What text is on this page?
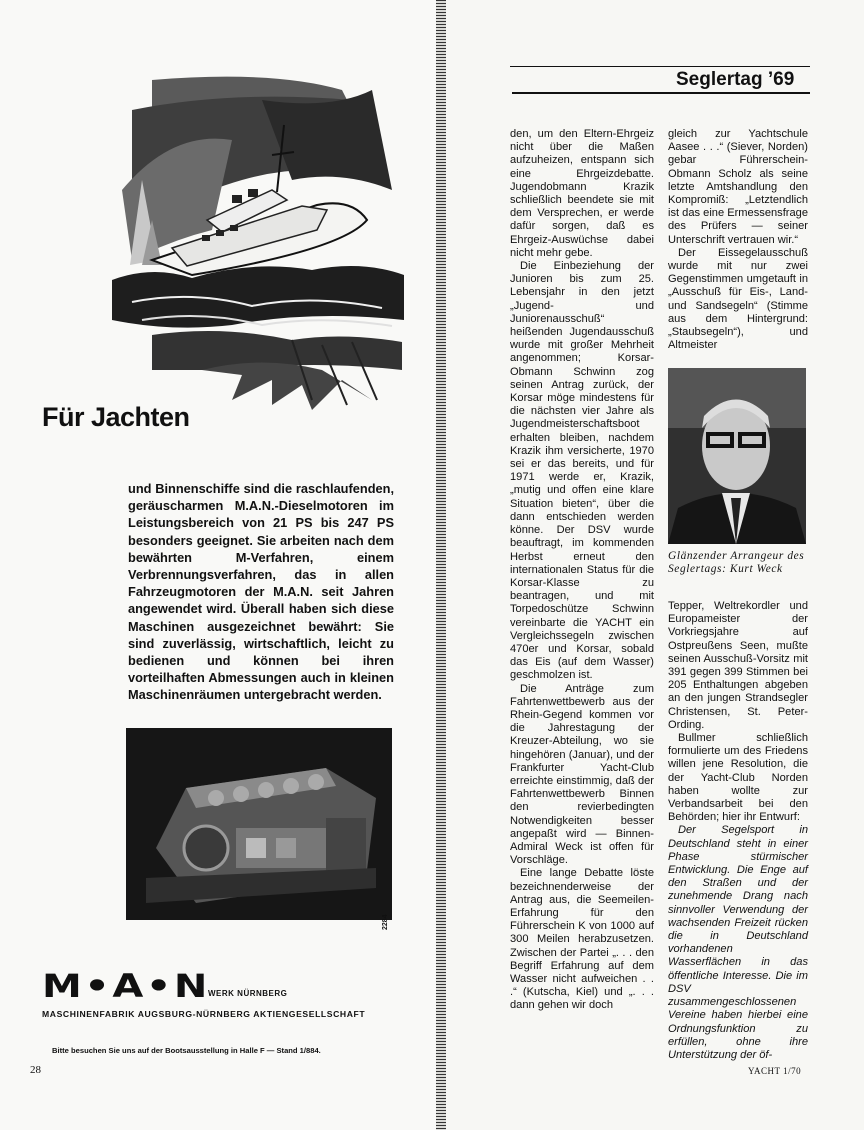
Für Jachten
und Binnenschiffe sind die raschlaufenden, geräuscharmen M.A.N.-Dieselmotoren im Leistungsbereich von 21 PS bis 247 PS besonders geeignet. Sie arbeiten nach dem bewährten M-Verfahren, einem Verbrennungsverfahren, das in allen Fahrzeugmotoren der M.A.N. seit Jahren angewendet wird. Überall haben sich diese Maschinen ausgezeichnet bewährt: Sie sind zuverlässig, wirtschaftlich, leicht zu bedienen und können bei ihren vorteilhaften Abmessungen auch in kleinen Maschinenräumen untergebracht werden.
2284
M•A•N
WERK NÜRNBERG
MASCHINENFABRIK AUGSBURG-NÜRNBERG AKTIENGESELLSCHAFT
Bitte besuchen Sie uns auf der Bootsausstellung in Halle F — Stand 1/884.
28
Seglertag ’69

den, um den Eltern-Ehrgeiz nicht über die Maßen aufzuheizen, entspann sich eine Ehrgeizdebatte. Jugendobmann Krazik schließlich beendete sie mit dem Versprechen, er werde dafür sorgen, daß es Ehrgeiz-Auswüchse dabei nicht mehr gebe.

Die Einbeziehung der Junioren bis zum 25. Lebensjahr in den jetzt „Jugend- und Juniorenausschuß“ heißenden Jugendausschuß wurde mit großer Mehrheit angenommen; Korsar-Obmann Schwinn zog seinen Antrag zurück, der Korsar möge mindestens für die nächsten vier Jahre als Jugendmeisterschaftsboot erhalten bleiben, nachdem Krazik ihm versicherte, 1970 sei er das bereits, und für 1971 werde er, Krazik, „mutig und offen eine klare Situation bieten“, über die dann entschieden werden könne. Der DSV wurde beauftragt, im kommenden Herbst erneut den internationalen Status für die Korsar-Klasse zu beantragen, und mit Torpedoschütze Schwinn vereinbarte die YACHT ein Vergleichssegeln zwischen 470er und Korsar, sobald das Eis (auf dem Wasser) geschmolzen ist.

Die Anträge zum Fahrtenwettbewerb aus der Rhein-Gegend kommen vor die Jahrestagung der Kreuzer-Abteilung, wo sie hingehören (Januar), und der Frankfurter Yacht-Club erreichte einstimmig, daß der Fahrtenwettbewerb Binnen den revierbedingten Notwendigkeiten besser angepaßt wird — Binnen-Admiral Weck ist offen für Vorschläge.

Eine lange Debatte löste bezeichnenderweise der Antrag aus, die Seemeilen-Erfahrung für den Führerschein K von 1000 auf 300 Meilen herabzusetzen. Zwischen der Partei „. . . den Begriff Erfahrung auf dem Wasser nicht aufweichen . . .“ (Kutscha, Kiel) und „. . . dann gehen wir doch

gleich zur Yachtschule Aasee . . .“ (Siever, Norden) gebar Führerschein-Obmann Scholz als seine letzte Amtshandlung den Kompromiß: „Letztendlich ist das eine Ermessensfrage des Prüfers — seiner Unterschrift vertrauen wir.“

Der Eissegelausschuß wurde mit nur zwei Gegenstimmen umgetauft in „Ausschuß für Eis-, Land- und Sandsegeln“ (Stimme aus dem Hintergrund: „Staubsegeln“), und Altmeister

Glänzender Arrangeur des Seglertags: Kurt Weck

Tepper, Weltrekordler und Europameister der Vorkriegsjahre auf Ostpreußens Seen, mußte seinen Ausschuß-Vorsitz mit 391 gegen 399 Stimmen bei 205 Enthaltungen abgeben an den jungen Strandsegler Christensen, St. Peter-Ording.

Bullmer schließlich formulierte um des Friedens willen jene Resolution, die der Yacht-Club Norden haben wollte zur Verbandsarbeit bei den Behörden; hier ihr Entwurf:

Der Segelsport in Deutschland steht in einer Phase stürmischer Entwicklung. Die Enge auf den Straßen und der zunehmende Drang nach sinnvoller Verwendung der wachsenden Freizeit rücken die in Deutschland vorhandenen Wasserflächen in das öffentliche Interesse. Die im DSV zusammengeschlossenen Vereine haben hierbei eine Ordnungsfunktion zu erfüllen, ohne ihre Unterstützung der öf-

YACHT 1/70
